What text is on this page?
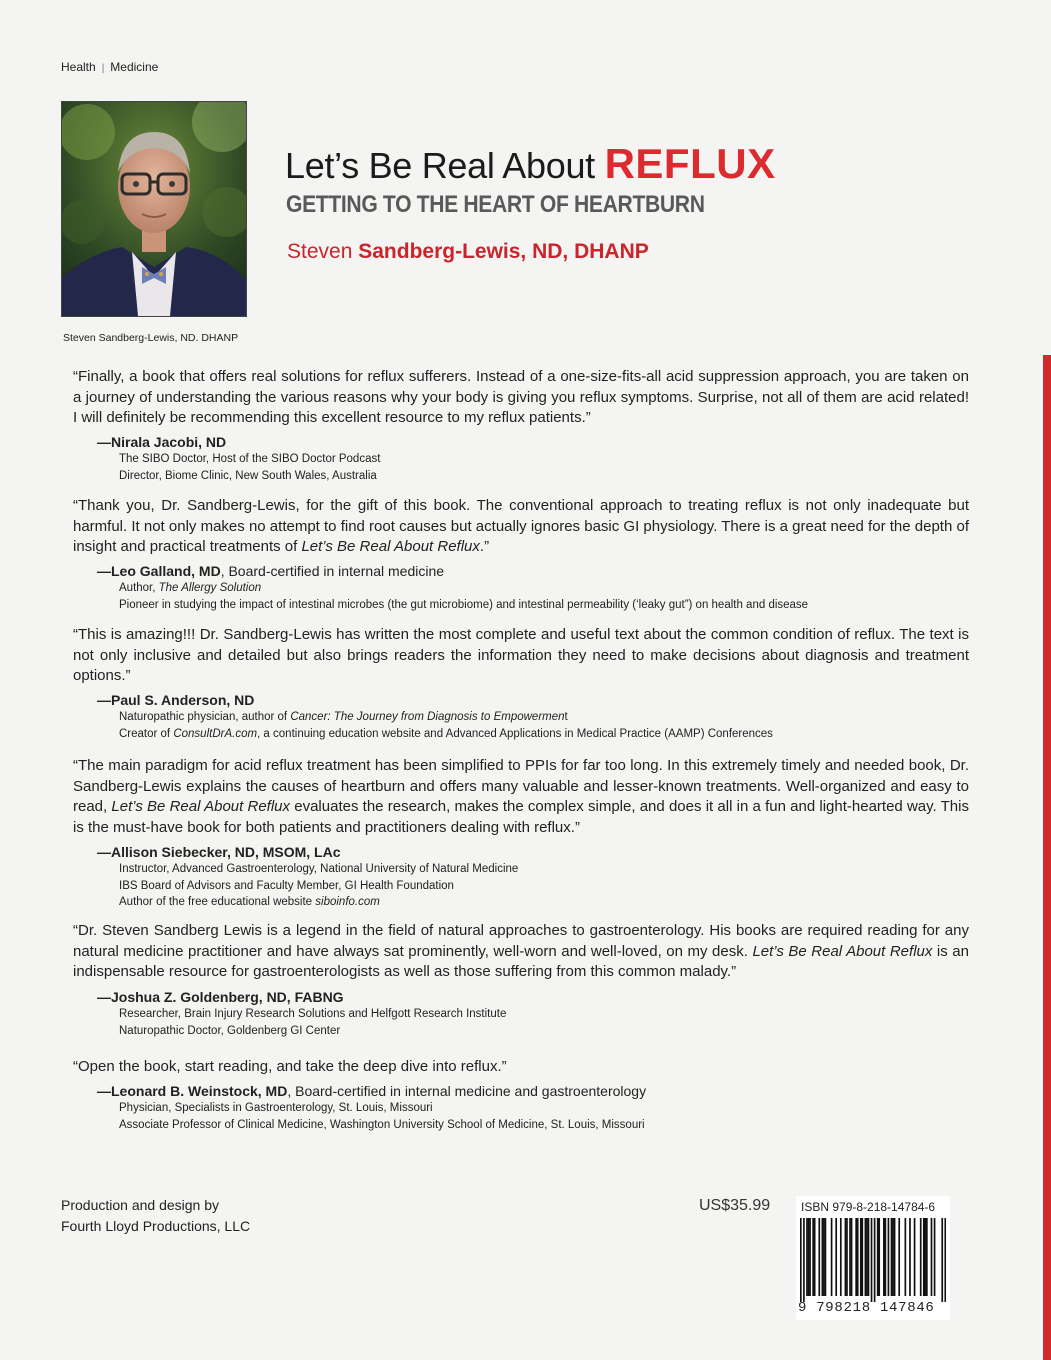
Health | Medicine
Steven Sandberg-Lewis, ND. DHANP
Let’s Be Real About REFLUX
GETTING TO THE HEART OF HEARTBURN
Steven Sandberg-Lewis, ND, DHANP
“Finally, a book that offers real solutions for reflux sufferers. Instead of a one-size-fits-all acid suppression approach, you are taken on a journey of understanding the various reasons why your body is giving you reflux symptoms. Surprise, not all of them are acid related! I will definitely be recommending this excellent resource to my reflux patients.”
—Nirala Jacobi, ND
The SIBO Doctor, Host of the SIBO Doctor Podcast
Director, Biome Clinic, New South Wales, Australia
“Thank you, Dr. Sandberg-Lewis, for the gift of this book. The conventional approach to treating reflux is not only inadequate but harmful. It not only makes no attempt to find root causes but actually ignores basic GI physiology. There is a great need for the depth of insight and practical treatments of Let’s Be Real About Reflux.”
—Leo Galland, MD, Board-certified in internal medicine
Author, The Allergy Solution
Pioneer in studying the impact of intestinal microbes (the gut microbiome) and intestinal permeability (‘leaky gut”) on health and disease
“This is amazing!!! Dr. Sandberg-Lewis has written the most complete and useful text about the common condition of reflux. The text is not only inclusive and detailed but also brings readers the information they need to make decisions about diagnosis and treatment options.”
—Paul S. Anderson, ND
Naturopathic physician, author of Cancer: The Journey from Diagnosis to Empowerment
Creator of ConsultDrA.com, a continuing education website and Advanced Applications in Medical Practice (AAMP) Conferences
“The main paradigm for acid reflux treatment has been simplified to PPIs for far too long. In this extremely timely and needed book, Dr. Sandberg-Lewis explains the causes of heartburn and offers many valuable and lesser-known treatments. Well-organized and easy to read, Let’s Be Real About Reflux evaluates the research, makes the complex simple, and does it all in a fun and light-hearted way. This is the must-have book for both patients and practitioners dealing with reflux.”
—Allison Siebecker, ND, MSOM, LAc
Instructor, Advanced Gastroenterology, National University of Natural Medicine
IBS Board of Advisors and Faculty Member, GI Health Foundation
Author of the free educational website siboinfo.com
“Dr. Steven Sandberg Lewis is a legend in the field of natural approaches to gastroenterology. His books are required reading for any natural medicine practitioner and have always sat prominently, well-worn and well-loved, on my desk. Let’s Be Real About Reflux is an indispensable resource for gastroenterologists as well as those suffering from this common malady.”
—Joshua Z. Goldenberg, ND, FABNG
Researcher, Brain Injury Research Solutions and Helfgott Research Institute
Naturopathic Doctor, Goldenberg GI Center
“Open the book, start reading, and take the deep dive into reflux.”
—Leonard B. Weinstock, MD, Board-certified in internal medicine and gastroenterology
Physician, Specialists in Gastroenterology, St. Louis, Missouri
Associate Professor of Clinical Medicine, Washington University School of Medicine, St. Louis, Missouri
Production and design by
Fourth Lloyd Productions, LLC
US$35.99	ISBN 979-8-218-14784-6
9 798218 147846
